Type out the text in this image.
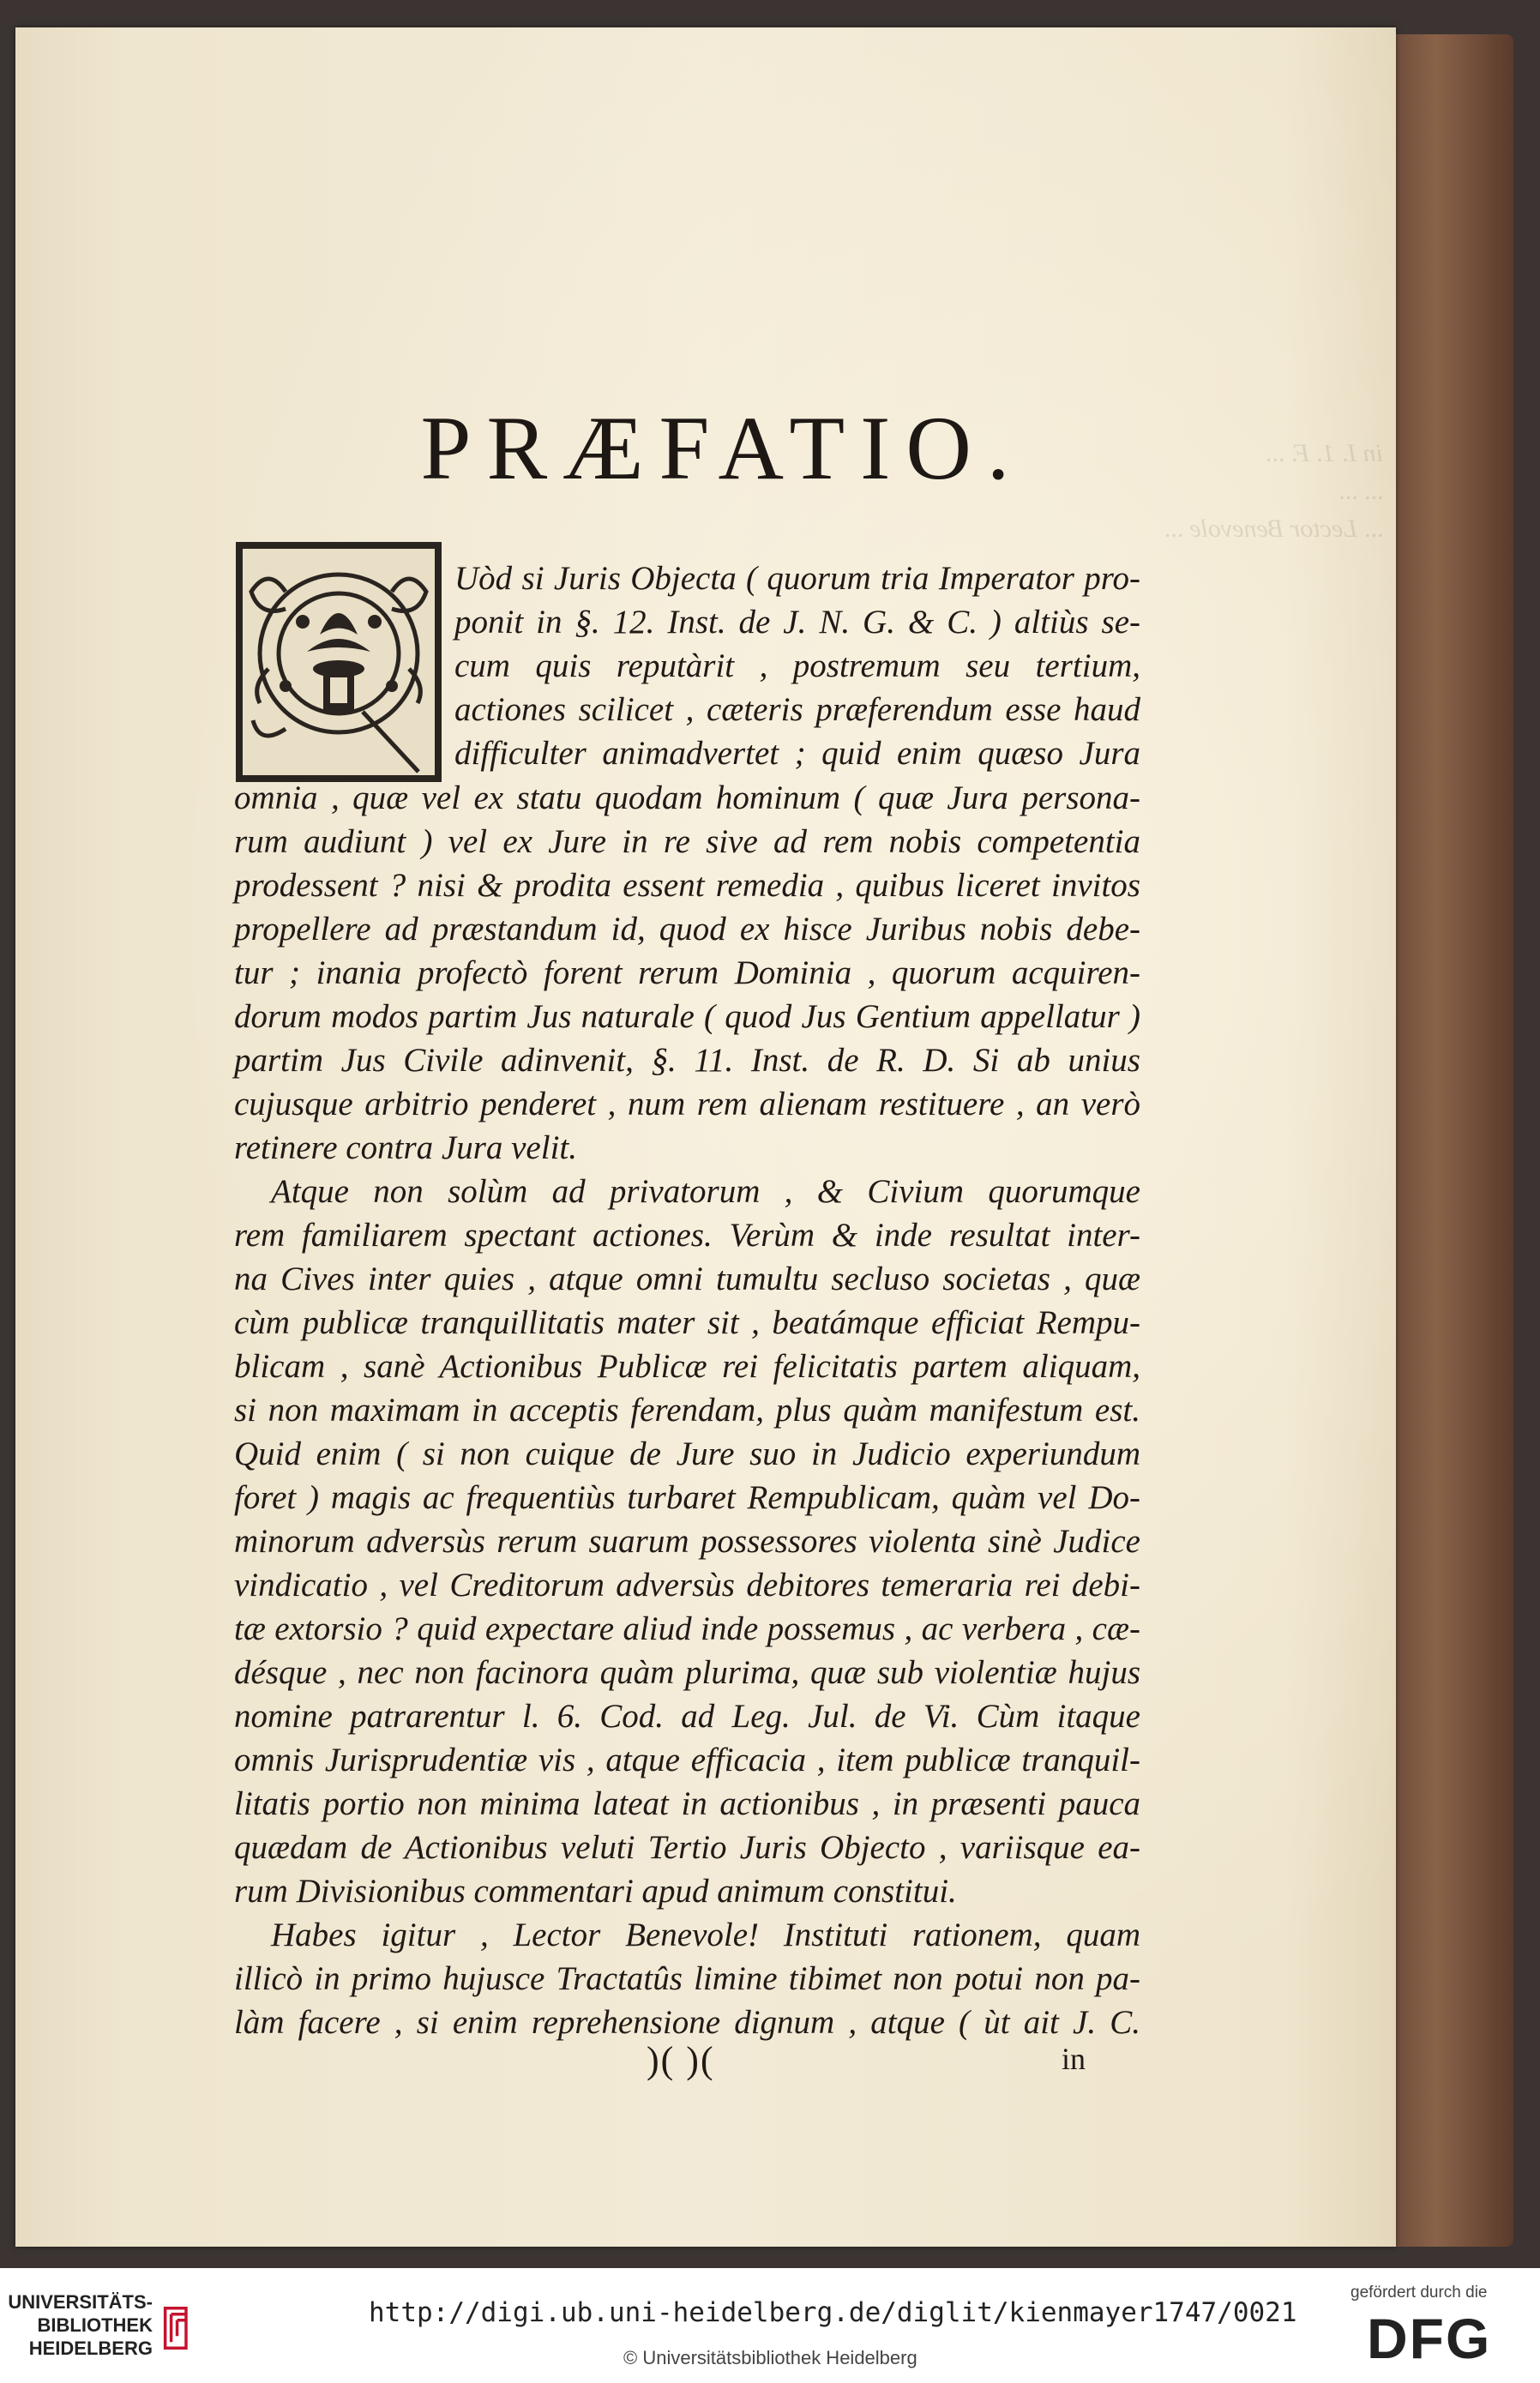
in I. 1. F. ...
... ...
... Lector Benevole ...
PRÆFATIO.
Uòd si Juris Objecta ( quorum tria Imperator pro-
ponit in §. 12. Inst. de J. N. G. & C. ) altiùs se-
cum quis reputàrit , postremum seu tertium,
actiones scilicet , cæteris præferendum esse haud
difficulter animadvertet ; quid enim quæso Jura
omnia , quæ vel ex statu quodam hominum ( quæ Jura persona-
rum audiunt ) vel ex Jure in re sive ad rem nobis competentia
prodessent ? nisi & prodita essent remedia , quibus liceret invitos
propellere ad præstandum id, quod ex hisce Juribus nobis debe-
tur ; inania profectò forent rerum Dominia , quorum acquiren-
dorum modos partim Jus naturale ( quod Jus Gentium appellatur )
partim Jus Civile adinvenit, §. 11. Inst. de R. D. Si ab unius
cujusque arbitrio penderet , num rem alienam restituere , an verò
retinere contra Jura velit.
Atque non solùm ad privatorum , & Civium quorumque
rem familiarem spectant actiones. Verùm & inde resultat inter-
na Cives inter quies , atque omni tumultu secluso societas , quæ
cùm publicæ tranquillitatis mater sit , beatámque efficiat Rempu-
blicam , sanè Actionibus Publicæ rei felicitatis partem aliquam,
si non maximam in acceptis ferendam, plus quàm manifestum est.
Quid enim ( si non cuique de Jure suo in Judicio experiundum
foret ) magis ac frequentiùs turbaret Rempublicam, quàm vel Do-
minorum adversùs rerum suarum possessores violenta sinè Judice
vindicatio , vel Creditorum adversùs debitores temeraria rei debi-
tæ extorsio ? quid expectare aliud inde possemus , ac verbera , cæ-
désque , nec non facinora quàm plurima, quæ sub violentiæ hujus
nomine patrarentur l. 6. Cod. ad Leg. Jul. de Vi. Cùm itaque
omnis Jurisprudentiæ vis , atque efficacia , item publicæ tranquil-
litatis portio non minima lateat in actionibus , in præsenti pauca
quædam de Actionibus veluti Tertio Juris Objecto , variisque ea-
rum Divisionibus commentari apud animum constitui.
Habes igitur , Lector Benevole! Instituti rationem, quam
illicò in primo hujusce Tractatûs limine tibimet non potui non pa-
làm facere , si enim reprehensione dignum , atque ( ùt ait J. C.
)( )(	in
UNIVERSITÄTS-
BIBLIOTHEK
HEIDELBERG
http://digi.ub.uni-heidelberg.de/diglit/kienmayer1747/0021
© Universitätsbibliothek Heidelberg
gefördert durch die
DFG
